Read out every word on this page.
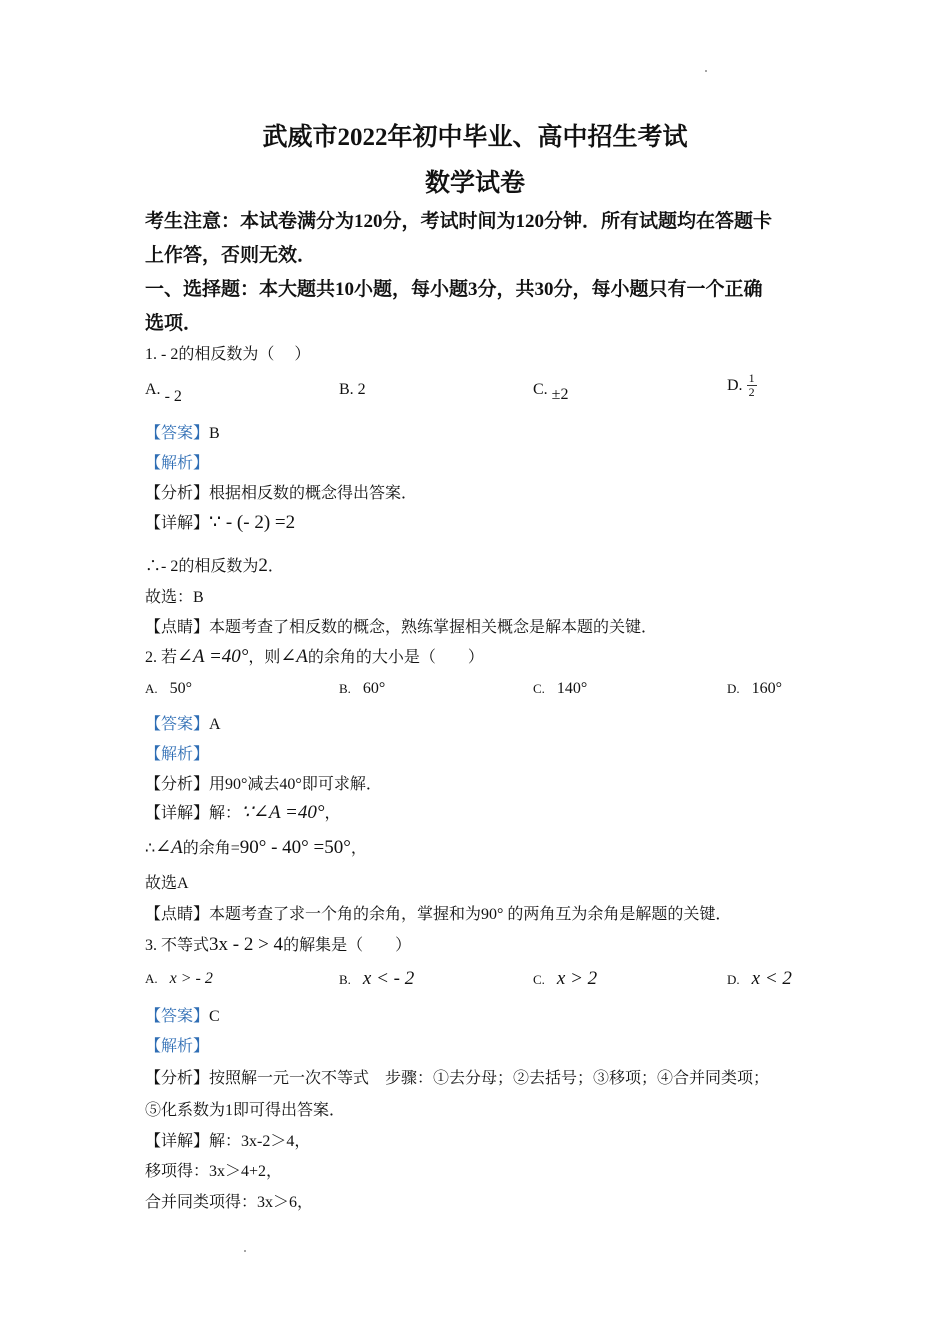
武威市2022年初中毕业、高中招生考试
数学试卷
考生注意：本试卷满分为120分，考试时间为120分钟．所有试题均在答题卡
上作答，否则无效．
一、选择题：本大题共10小题，每小题3分，共30分，每小题只有一个正确
选项．
1. - 2的相反数为（　 ）
A. - 2	B. 2	C. ±2
D. $\frac{1}{2}$
【答案】B
【解析】
【分析】根据相反数的概念得出答案．
【详解】∵ - (- 2) =2
∴- 2的相反数为2．
故选：B
【点睛】本题考查了相反数的概念，熟练掌握相关概念是解本题的关键．
2. 若∠A =40°，则∠A的余角的大小是（　　）
A. 50°	B. 60°	C. 140°	D. 160°
【答案】A
【解析】
【分析】用90°减去40°即可求解．
【详解】解：∵∠A =40°，
∴∠A的余角=90° - 40° =50°，
故选A
【点睛】本题考查了求一个角的余角，掌握和为90° 的两角互为余角是解题的关键．
3. 不等式3x - 2 > 4的解集是（　　）
A. x > - 2	B. x < - 2	C. x > 2	D. x < 2
【答案】C
【解析】
【分析】按照解一元一次不等式　步骤：①去分母；②去括号；③移项；④合并同类项；
⑤化系数为1即可得出答案．
【详解】解：3x-2＞4，
移项得：3x＞4+2，
合并同类项得：3x＞6，
